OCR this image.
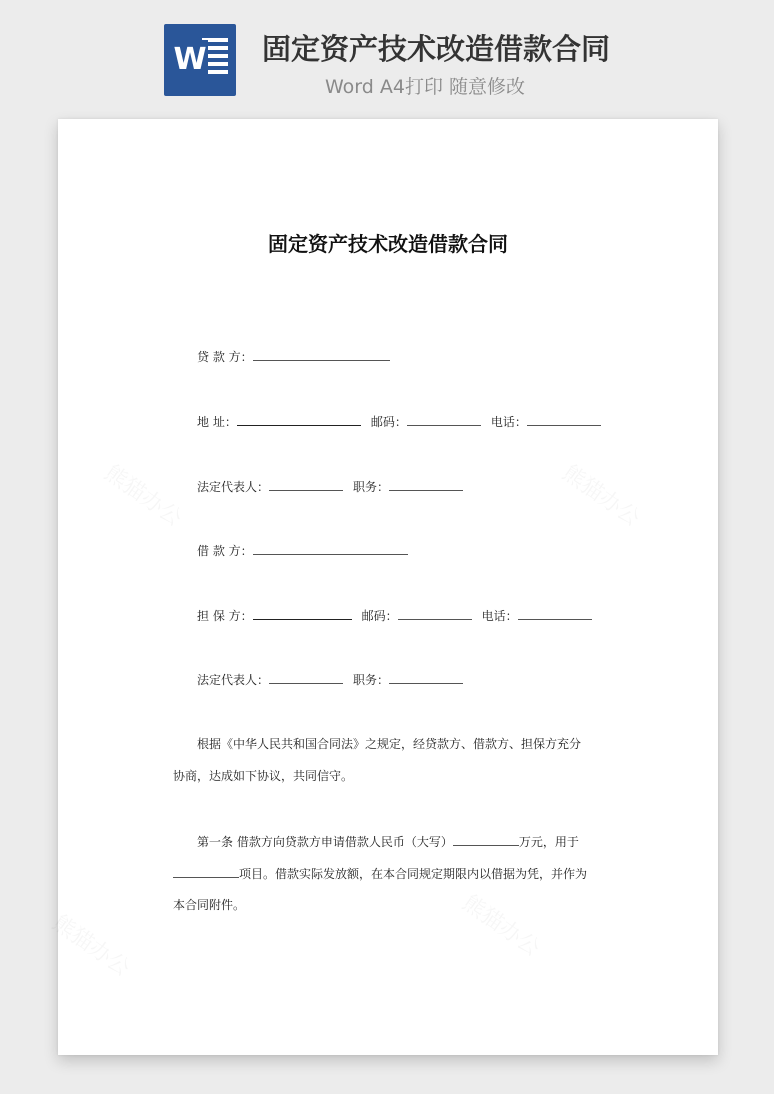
W 固定资产技术改造借款合同
Word A4打印 随意修改
固定资产技术改造借款合同
贷 款 方：
地 址：	邮码：	电话：
法定代表人：	职务：
借 款 方：
担 保 方：	邮码：	电话：
法定代表人：	职务：
根据《中华人民共和国合同法》之规定，经贷款方、借款方、担保方充分
协商，达成如下协议，共同信守。
第一条 借款方向贷款方申请借款人民币（大写）	万元，用于
项目。借款实际发放额，在本合同规定期限内以借据为凭，并作为
本合同附件。
